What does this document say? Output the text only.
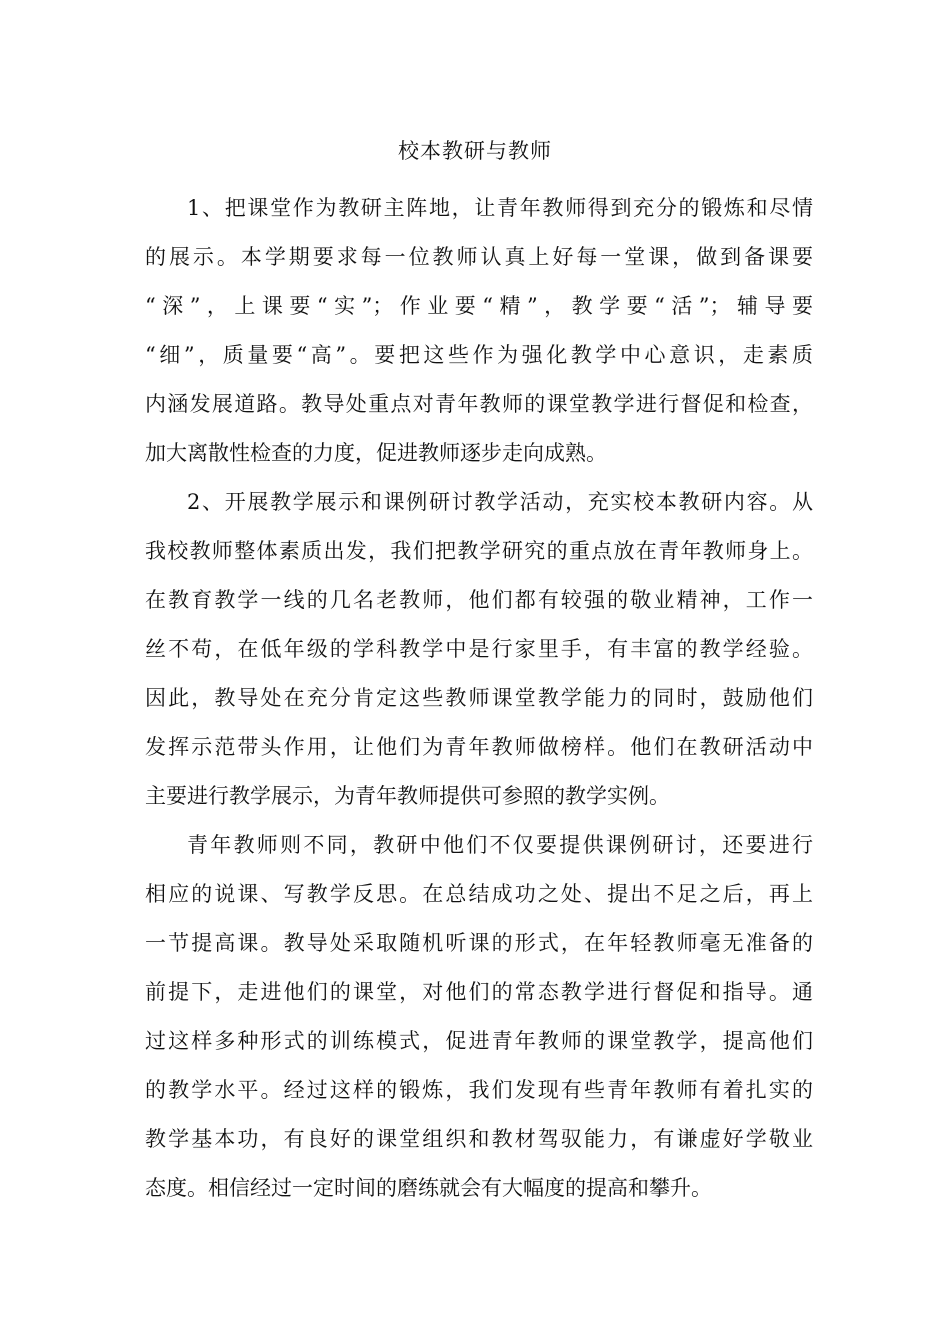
校本教研与教师
1、把课堂作为教研主阵地，让青年教师得到充分的锻炼和尽情
的展示。本学期要求每一位教师认真上好每一堂课，做到备课要
“深”，上课要“实”；作业要“精”，教学要“活”；辅导要
“细”，质量要“高”。要把这些作为强化教学中心意识，走素质
内涵发展道路。教导处重点对青年教师的课堂教学进行督促和检查，
加大离散性检查的力度，促进教师逐步走向成熟。
2、开展教学展示和课例研讨教学活动，充实校本教研内容。从
我校教师整体素质出发，我们把教学研究的重点放在青年教师身上。
在教育教学一线的几名老教师，他们都有较强的敬业精神，工作一
丝不苟，在低年级的学科教学中是行家里手，有丰富的教学经验。
因此，教导处在充分肯定这些教师课堂教学能力的同时，鼓励他们
发挥示范带头作用，让他们为青年教师做榜样。他们在教研活动中
主要进行教学展示，为青年教师提供可参照的教学实例。
青年教师则不同，教研中他们不仅要提供课例研讨，还要进行
相应的说课、写教学反思。在总结成功之处、提出不足之后，再上
一节提高课。教导处采取随机听课的形式，在年轻教师毫无准备的
前提下，走进他们的课堂，对他们的常态教学进行督促和指导。通
过这样多种形式的训练模式，促进青年教师的课堂教学，提高他们
的教学水平。经过这样的锻炼，我们发现有些青年教师有着扎实的
教学基本功，有良好的课堂组织和教材驾驭能力，有谦虚好学敬业
态度。相信经过一定时间的磨练就会有大幅度的提高和攀升。
